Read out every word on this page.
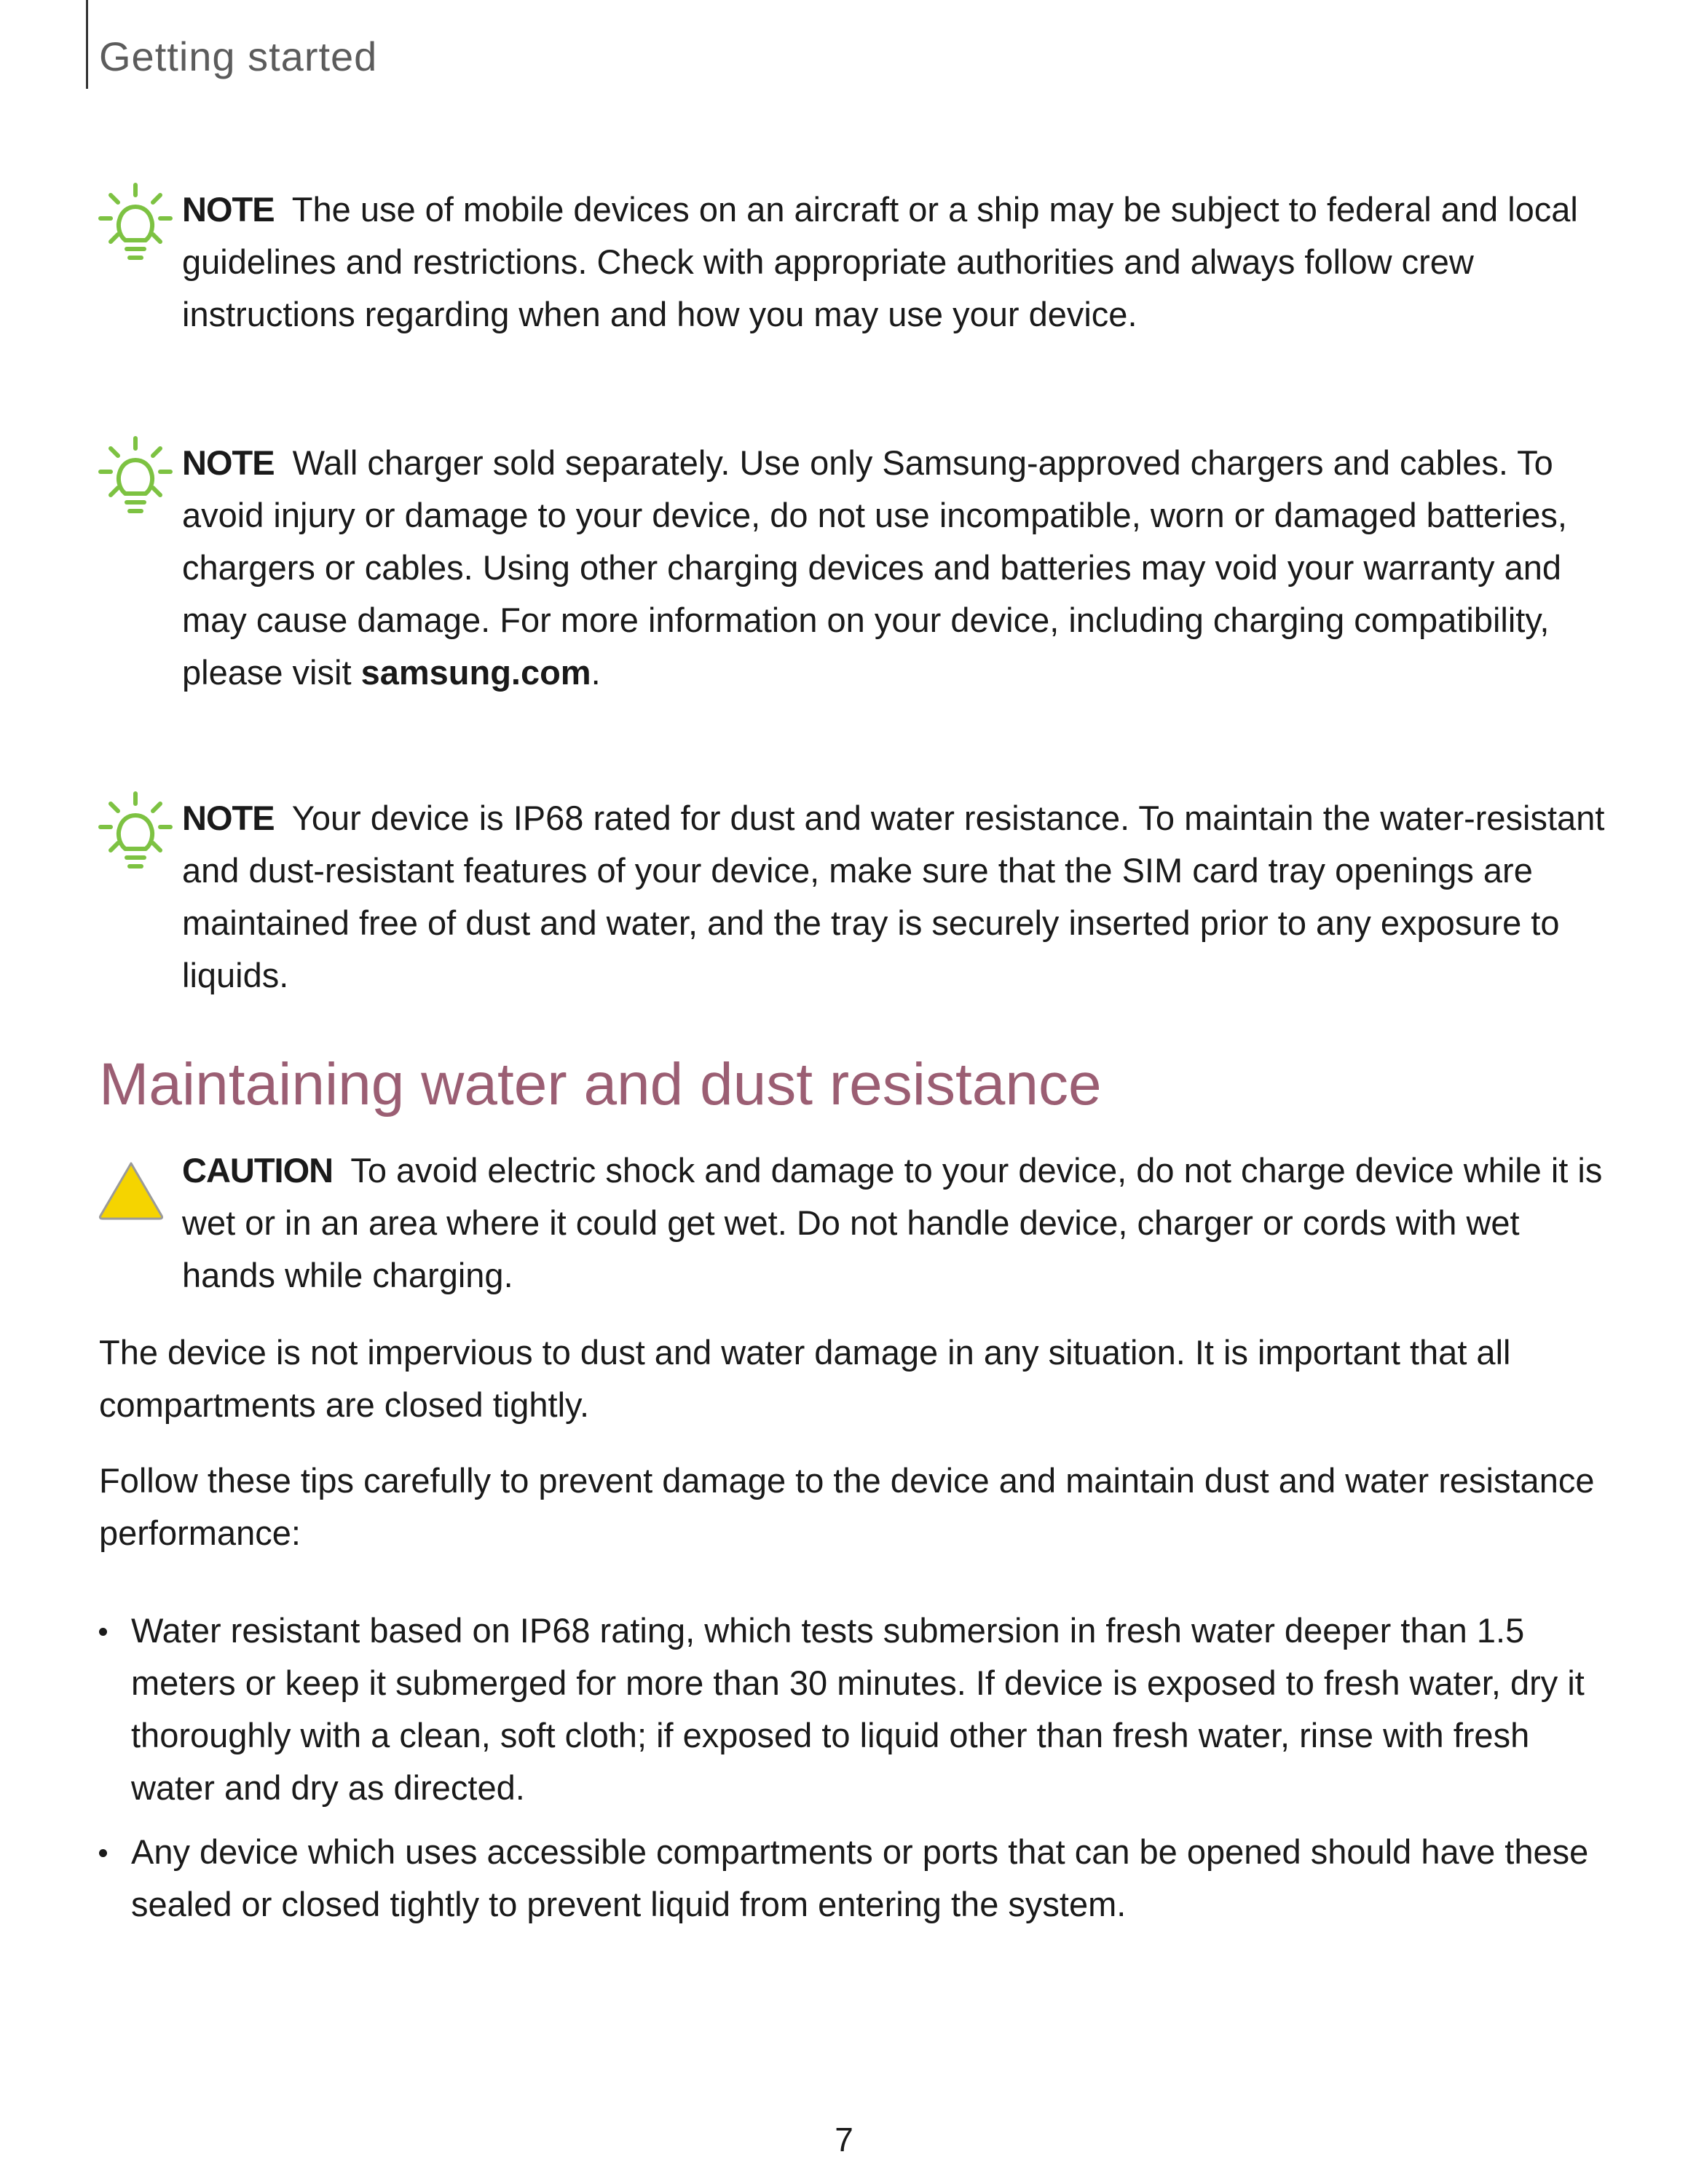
Getting started
NOTE The use of mobile devices on an aircraft or a ship may be subject to federal and local guidelines and restrictions. Check with appropriate authorities and always follow crew instructions regarding when and how you may use your device.
NOTE Wall charger sold separately. Use only Samsung-approved chargers and cables. To avoid injury or damage to your device, do not use incompatible, worn or damaged batteries, chargers or cables. Using other charging devices and batteries may void your warranty and may cause damage. For more information on your device, including charging compatibility, please visit samsung.com.
NOTE Your device is IP68 rated for dust and water resistance. To maintain the water-resistant and dust-resistant features of your device, make sure that the SIM card tray openings are maintained free of dust and water, and the tray is securely inserted prior to any exposure to liquids.
Maintaining water and dust resistance
CAUTION To avoid electric shock and damage to your device, do not charge device while it is wet or in an area where it could get wet. Do not handle device, charger or cords with wet hands while charging.

The device is not impervious to dust and water damage in any situation. It is important that all compartments are closed tightly.

Follow these tips carefully to prevent damage to the device and maintain dust and water resistance performance:

Water resistant based on IP68 rating, which tests submersion in fresh water deeper than 1.5 meters or keep it submerged for more than 30 minutes. If device is exposed to fresh water, dry it thoroughly with a clean, soft cloth; if exposed to liquid other than fresh water, rinse with fresh water and dry as directed.
Any device which uses accessible compartments or ports that can be opened should have these sealed or closed tightly to prevent liquid from entering the system.
7
